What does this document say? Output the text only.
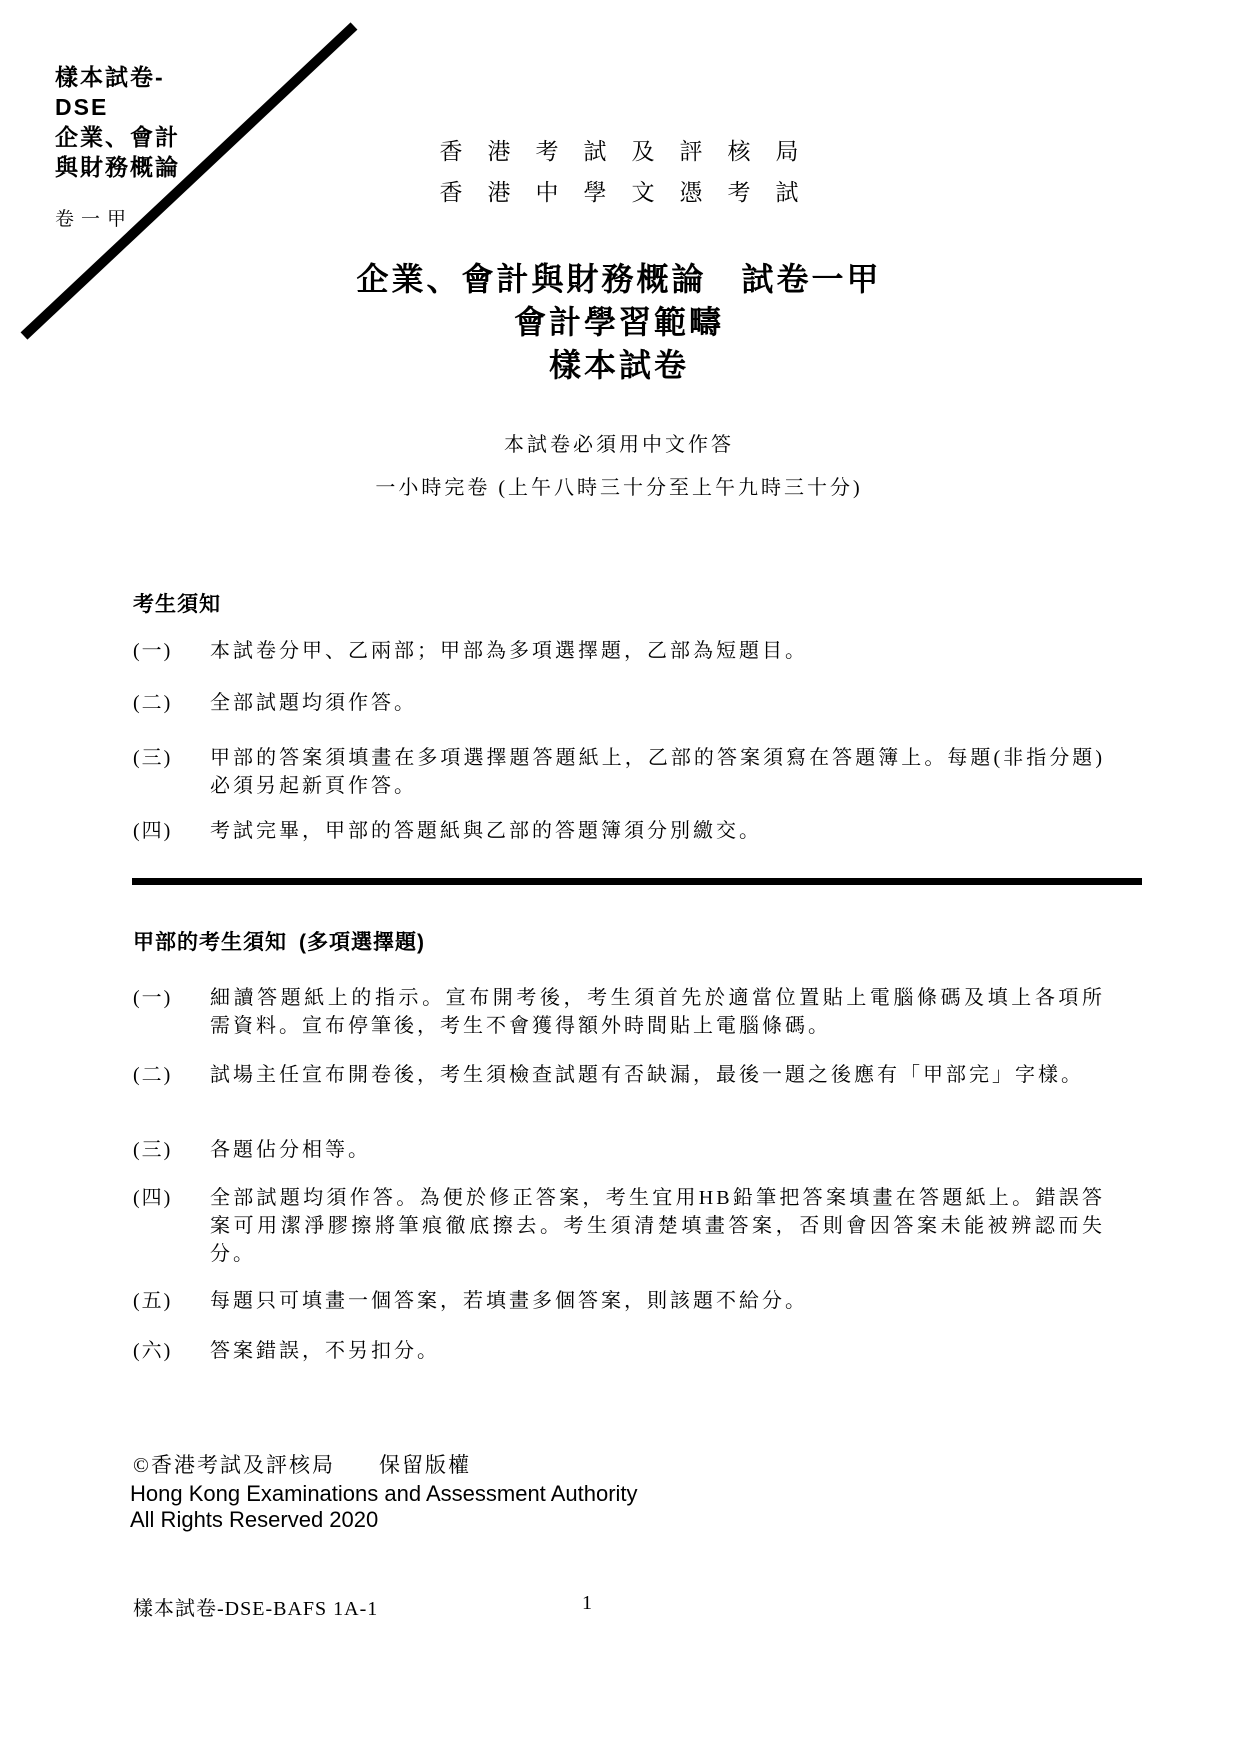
樣本試卷-
DSE
企業、會計
與財務概論
卷一甲
香港考試及評核局
香港中學文憑考試
企業、會計與財務概論　試卷一甲
會計學習範疇
樣本試卷
本試卷必須用中文作答
一小時完卷 (上午八時三十分至上午九時三十分)
考生須知
(一)	本試卷分甲、乙兩部；甲部為多項選擇題，乙部為短題目。
(二)	全部試題均須作答。
(三)	甲部的答案須填畫在多項選擇題答題紙上，乙部的答案須寫在答題簿上。每題(非指分題)必須另起新頁作答。
(四)	考試完畢，甲部的答題紙與乙部的答題簿須分別繳交。
甲部的考生須知 (多項選擇題)
(一)	細讀答題紙上的指示。宣布開考後，考生須首先於適當位置貼上電腦條碼及填上各項所需資料。宣布停筆後，考生不會獲得額外時間貼上電腦條碼。
(二)	試場主任宣布開卷後，考生須檢查試題有否缺漏，最後一題之後應有「甲部完」字樣。
(三)	各題佔分相等。
(四)	全部試題均須作答。為便於修正答案，考生宜用HB鉛筆把答案填畫在答題紙上。錯誤答案可用潔淨膠擦將筆痕徹底擦去。考生須清楚填畫答案，否則會因答案未能被辨認而失分。
(五)	每題只可填畫一個答案，若填畫多個答案，則該題不給分。
(六)	答案錯誤，不另扣分。
©香港考試及評核局 保留版權
Hong Kong Examinations and Assessment Authority
All Rights Reserved 2020
樣本試卷-DSE-BAFS 1A-1	1
